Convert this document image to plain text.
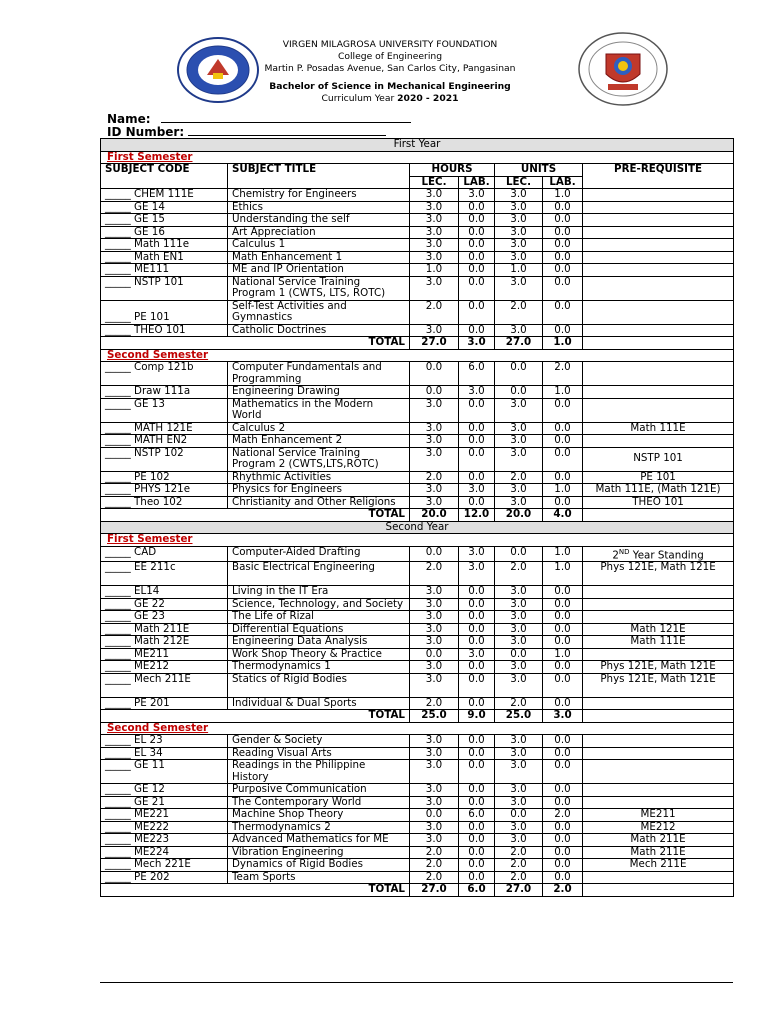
VIRGEN MILAGROSA UNIVERSITY FOUNDATION
College of Engineering
Martin P. Posadas Avenue, San Carlos City, Pangasinan
Bachelor of Science in Mechanical Engineering
Curriculum Year 2020 - 2021
Name:
ID Number:
First Year						
First Semester						
SUBJECT CODE	SUBJECT TITLE	HOURS		UNITS		PRE-REQUISITE
		LEC.	LAB.	LEC.	LAB.	
_____ CHEM 111E	Chemistry for Engineers	3.0	3.0	3.0	1.0	
_____ GE 14	Ethics	3.0	0.0	3.0	0.0	
_____ GE 15	Understanding the self	3.0	0.0	3.0	0.0	
_____ GE 16	Art Appreciation	3.0	0.0	3.0	0.0	
_____ Math 111e	Calculus 1	3.0	0.0	3.0	0.0	
_____ Math EN1	Math Enhancement 1	3.0	0.0	3.0	0.0	
_____ ME111	ME and IP Orientation	1.0	0.0	1.0	0.0	
_____ NSTP 101	National Service Training Program 1 (CWTS, LTS, ROTC)	3.0	0.0	3.0	0.0	
_____ PE 101	Self-Test Activities and Gymnastics	2.0	0.0	2.0	0.0	
_____ THEO 101	Catholic Doctrines	3.0	0.0	3.0	0.0	
TOTAL		27.0	3.0	27.0	1.0	
Second Semester						
_____ Comp 121b	Computer Fundamentals and Programming	0.0	6.0	0.0	2.0	
_____ Draw 111a	Engineering Drawing	0.0	3.0	0.0	1.0	
_____ GE 13	Mathematics in the Modern World	3.0	0.0	3.0	0.0	
_____ MATH 121E	Calculus 2	3.0	0.0	3.0	0.0	Math 111E
_____ MATH EN2	Math Enhancement 2	3.0	0.0	3.0	0.0	
_____ NSTP 102	National Service Training Program 2 (CWTS,LTS,ROTC)	3.0	0.0	3.0	0.0	NSTP 101
_____ PE 102	Rhythmic Activities	2.0	0.0	2.0	0.0	PE 101
_____ PHYS 121e	Physics for Engineers	3.0	3.0	3.0	1.0	Math 111E, (Math 121E)
_____ Theo 102	Christianity and Other Religions	3.0	0.0	3.0	0.0	THEO 101
TOTAL		20.0	12.0	20.0	4.0	
Second Year						
First Semester						
_____ CAD	Computer-Aided Drafting	0.0	3.0	0.0	1.0	2ND Year Standing
_____ EE 211c	Basic Electrical Engineering	2.0	3.0	2.0	1.0	Phys 121E, Math 121E
_____ EL14	Living in the IT Era	3.0	0.0	3.0	0.0	
_____ GE 22	Science, Technology, and Society	3.0	0.0	3.0	0.0	
_____ GE 23	The Life of Rizal	3.0	0.0	3.0	0.0	
_____ Math 211E	Differential Equations	3.0	0.0	3.0	0.0	Math 121E
_____ Math 212E	Engineering Data Analysis	3.0	0.0	3.0	0.0	Math 111E
_____ ME211	Work Shop Theory & Practice	0.0	3.0	0.0	1.0	
_____ ME212	Thermodynamics 1	3.0	0.0	3.0	0.0	Phys 121E, Math 121E
_____ Mech 211E	Statics of Rigid Bodies	3.0	0.0	3.0	0.0	Phys 121E, Math 121E
_____ PE 201	Individual & Dual Sports	2.0	0.0	2.0	0.0	
TOTAL		25.0	9.0	25.0	3.0	
Second Semester						
_____ EL 23	Gender & Society	3.0	0.0	3.0	0.0	
_____ EL 34	Reading Visual Arts	3.0	0.0	3.0	0.0	
_____ GE 11	Readings in the Philippine History	3.0	0.0	3.0	0.0	
_____ GE 12	Purposive Communication	3.0	0.0	3.0	0.0	
_____ GE 21	The Contemporary World	3.0	0.0	3.0	0.0	
_____ ME221	Machine Shop Theory	0.0	6.0	0.0	2.0	ME211
_____ ME222	Thermodynamics 2	3.0	0.0	3.0	0.0	ME212
_____ ME223	Advanced Mathematics for ME	3.0	0.0	3.0	0.0	Math 211E
_____ ME224	Vibration Engineering	2.0	0.0	2.0	0.0	Math 211E
_____ Mech 221E	Dynamics of Rigid Bodies	2.0	0.0	2.0	0.0	Mech 211E
_____ PE 202	Team Sports	2.0	0.0	2.0	0.0	
TOTAL		27.0	6.0	27.0	2.0	
